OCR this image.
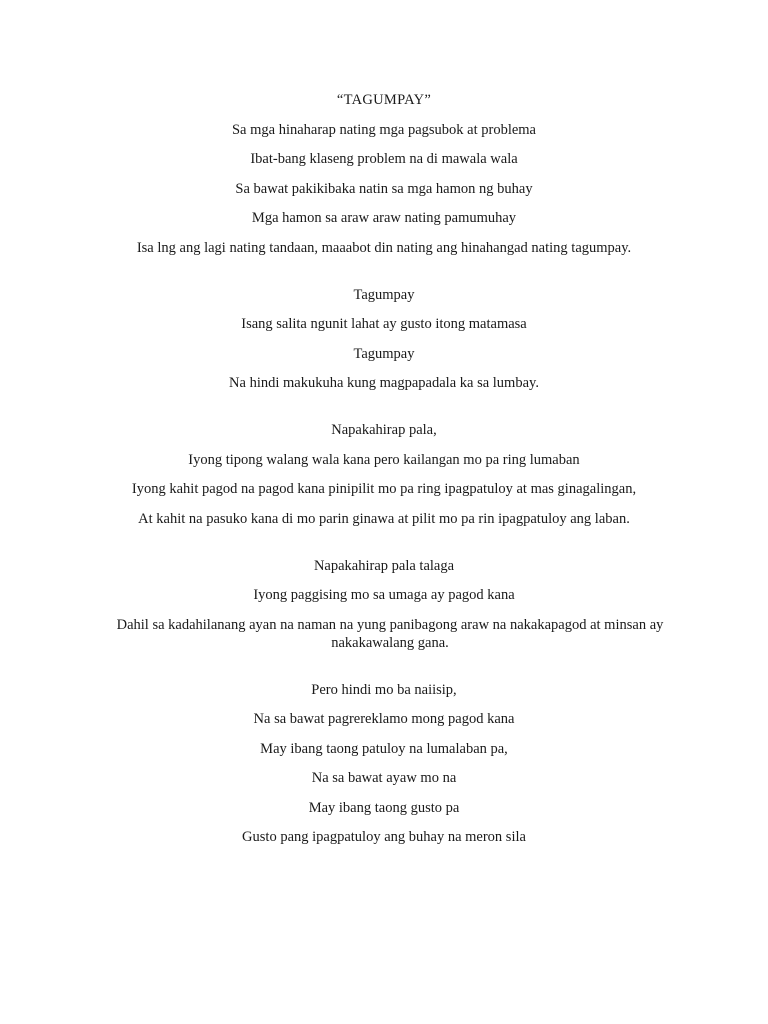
“TAGUMPAY”
Sa mga hinaharap nating mga pagsubok at problema
Ibat-bang klaseng problem na di mawala wala
Sa bawat pakikibaka natin sa mga hamon ng buhay
Mga hamon sa araw araw nating pamumuhay
Isa lng ang lagi nating tandaan, maaabot din nating ang hinahangad nating tagumpay.
Tagumpay
Isang salita ngunit lahat ay gusto itong matamasa
Tagumpay
Na hindi makukuha kung magpapadala ka sa lumbay.
Napakahirap pala,
Iyong tipong walang wala kana pero kailangan mo pa ring lumaban
Iyong kahit pagod na pagod kana pinipilit mo pa ring ipagpatuloy at mas ginagalingan,
At kahit na pasuko kana di mo parin ginawa at pilit mo pa rin ipagpatuloy ang laban.
Napakahirap pala talaga
Iyong paggising mo sa umaga ay pagod kana
Dahil sa kadahilanang ayan na naman na yung panibagong araw na nakakapagod at minsan ay nakakawalang gana.
Pero hindi mo ba naiisip,
Na sa bawat pagrereklamo mong pagod kana
May ibang taong patuloy na lumalaban pa,
Na sa bawat ayaw mo na
May ibang taong gusto pa
Gusto pang ipagpatuloy ang buhay na meron sila
